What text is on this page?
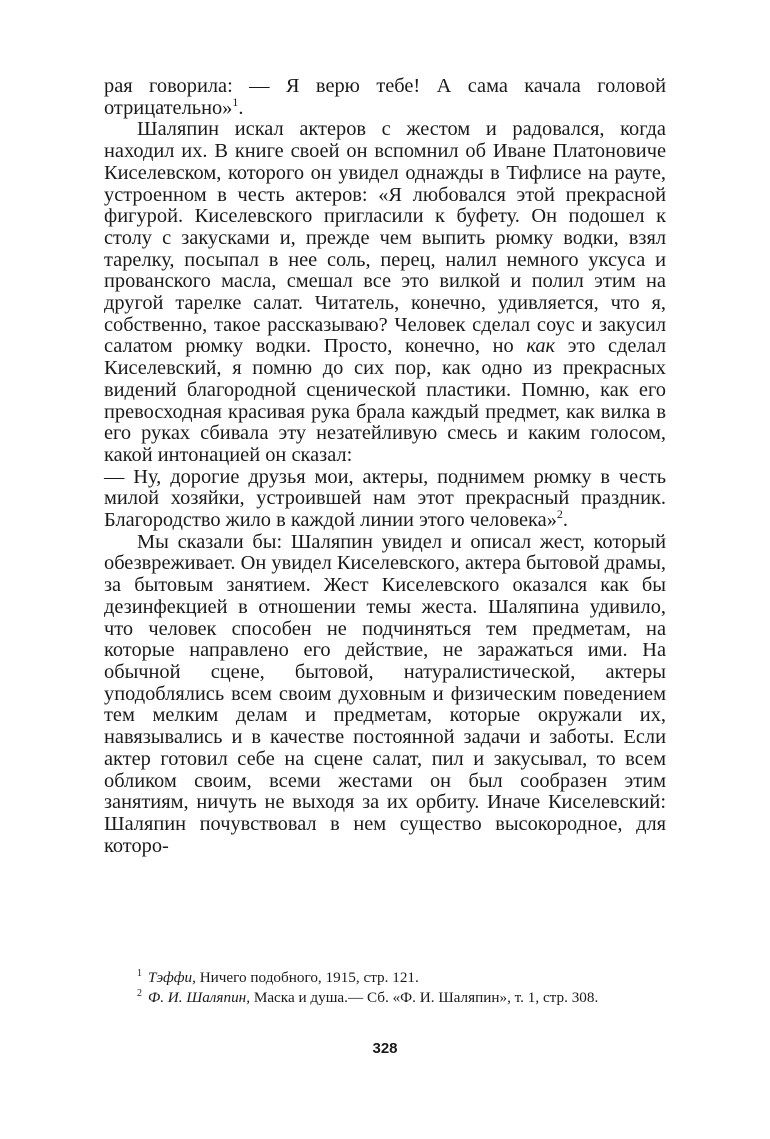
рая говорила: — Я верю тебе! А сама качала головой отрицательно»$^1$.

Шаляпин искал актеров с жестом и радовался, когда находил их. В книге своей он вспомнил об Иване Платоновиче Киселевском, которого он увидел однажды в Тифлисе на рауте, устроенном в честь актеров: «Я любовался этой прекрасной фигурой. Киселевского пригласили к буфету. Он подошел к столу с закусками и, прежде чем выпить рюмку водки, взял тарелку, посыпал в нее соль, перец, налил немного уксуса и прованского масла, смешал все это вилкой и полил этим на другой тарелке салат. Читатель, конечно, удивляется, что я, собственно, такое рассказываю? Человек сделал соус и закусил салатом рюмку водки. Просто, конечно, но как это сделал Киселевский, я помню до сих пор, как одно из прекрасных видений благородной сценической пластики. Помню, как его превосходная красивая рука брала каждый предмет, как вилка в его руках сбивала эту незатейливую смесь и каким голосом, какой интонацией он сказал:

— Ну, дорогие друзья мои, актеры, поднимем рюмку в честь милой хозяйки, устроившей нам этот прекрасный праздник. Благородство жило в каждой линии этого человека»$^2$.

Мы сказали бы: Шаляпин увидел и описал жест, который обезвреживает. Он увидел Киселевского, актера бытовой драмы, за бытовым занятием. Жест Киселевского оказался как бы дезинфекцией в отношении темы жеста. Шаляпина удивило, что человек способен не подчиняться тем предметам, на которые направлено его действие, не заражаться ими. На обычной сцене, бытовой, натуралистической, актеры уподоблялись всем своим духовным и физическим поведением тем мелким делам и предметам, которые окружали их, навязывались и в качестве постоянной задачи и заботы. Если актер готовил себе на сцене салат, пил и закусывал, то всем обликом своим, всеми жестами он был сообразен этим занятиям, ничуть не выходя за их орбиту. Иначе Киселевский: Шаляпин почувствовал в нем существо высокородное, для которо-

$^1$ Тэффи, Ничего подобного, 1915, стр. 121.

$^2$ Ф. И. Шаляпин, Маска и душа.— Сб. «Ф. И. Шаляпин», т. 1, стр. 308.

328
